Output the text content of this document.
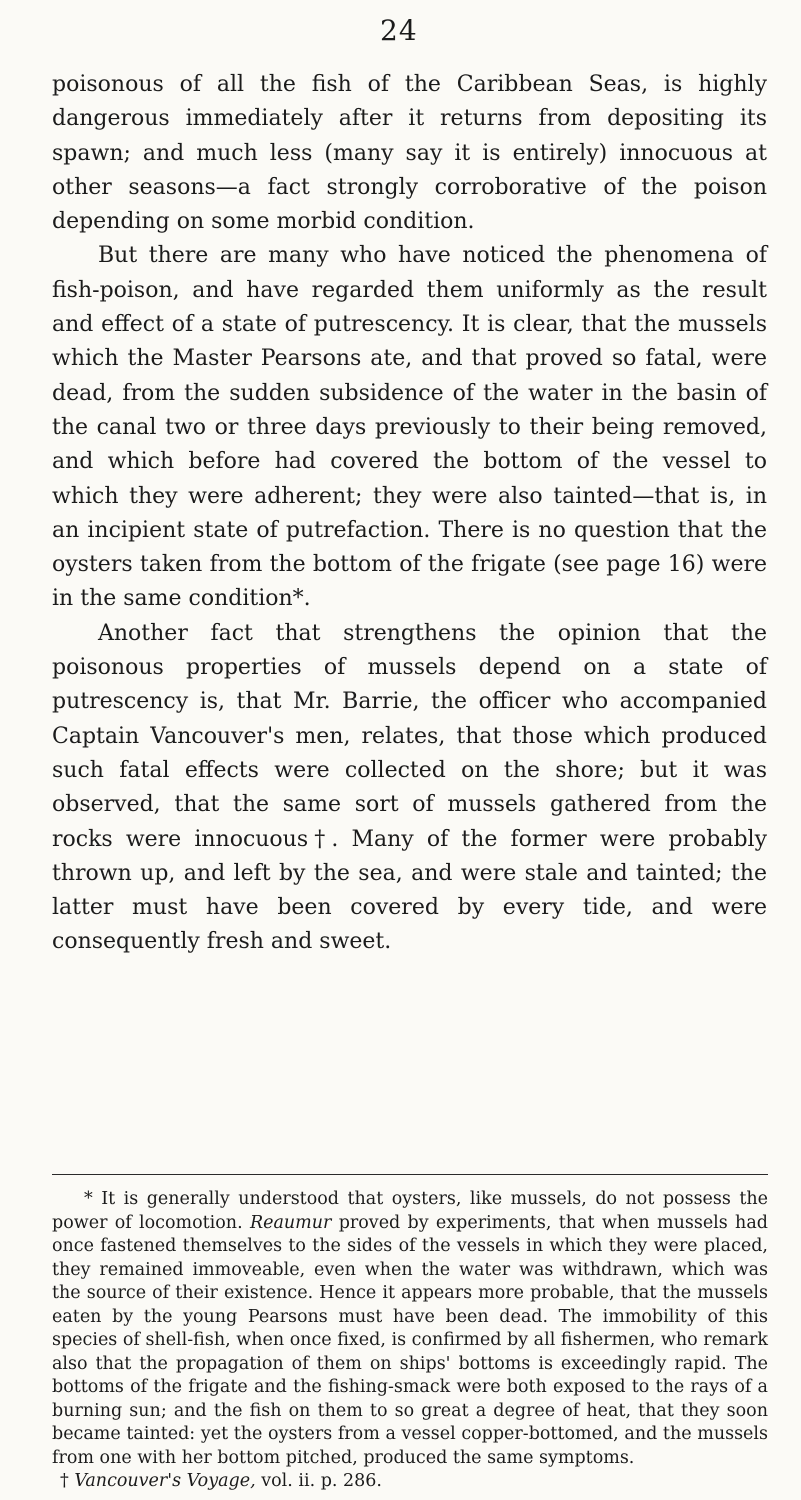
24

poisonous of all the fish of the Caribbean Seas, is highly dangerous immediately after it returns from depositing its spawn; and much less (many say it is entirely) innocuous at other seasons—a fact strongly corroborative of the poison depending on some morbid condition.

But there are many who have noticed the phenomena of fish-poison, and have regarded them uniformly as the result and effect of a state of putrescency. It is clear, that the mussels which the Master Pearsons ate, and that proved so fatal, were dead, from the sudden subsidence of the water in the basin of the canal two or three days previously to their being removed, and which before had covered the bottom of the vessel to which they were adherent; they were also tainted—that is, in an incipient state of putrefaction. There is no question that the oysters taken from the bottom of the frigate (see page 16) were in the same condition*.

Another fact that strengthens the opinion that the poisonous properties of mussels depend on a state of putrescency is, that Mr. Barrie, the officer who accompanied Captain Vancouver's men, relates, that those which produced such fatal effects were collected on the shore; but it was observed, that the same sort of mussels gathered from the rocks were innocuous†. Many of the former were probably thrown up, and left by the sea, and were stale and tainted; the latter must have been covered by every tide, and were consequently fresh and sweet.

* It is generally understood that oysters, like mussels, do not possess the power of locomotion. Reaumur proved by experiments, that when mussels had once fastened themselves to the sides of the vessels in which they were placed, they remained immoveable, even when the water was withdrawn, which was the source of their existence. Hence it appears more probable, that the mussels eaten by the young Pearsons must have been dead. The immobility of this species of shell-fish, when once fixed, is confirmed by all fishermen, who remark also that the propagation of them on ships' bottoms is exceedingly rapid. The bottoms of the frigate and the fishing-smack were both exposed to the rays of a burning sun; and the fish on them to so great a degree of heat, that they soon became tainted: yet the oysters from a vessel copper-bottomed, and the mussels from one with her bottom pitched, produced the same symptoms.

† Vancouver's Voyage, vol. ii. p. 286.
